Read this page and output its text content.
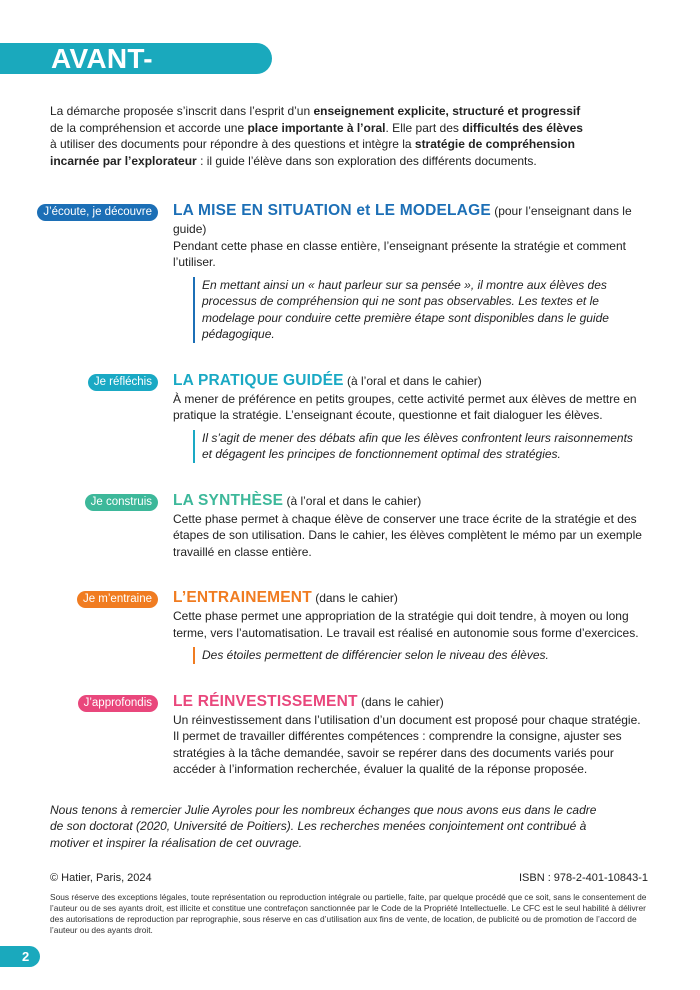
AVANT-PROPOS

La démarche proposée s’inscrit dans l’esprit d’un enseignement explicite, structuré et progressif de la compréhension et accorde une place importante à l’oral. Elle part des difficultés des élèves à utiliser des documents pour répondre à des questions et intègre la stratégie de compréhension incarnée par l’explorateur : il guide l’élève dans son exploration des différents documents.

J’écoute, je découvre	LA MISE EN SITUATION et LE MODELAGE (pour l’enseignant dans le guide)
Pendant cette phase en classe entière, l’enseignant présente la stratégie et comment l’utiliser.
En mettant ainsi un « haut parleur sur sa pensée », il montre aux élèves des processus de compréhension qui ne sont pas observables. Les textes et le modelage pour conduire cette première étape sont disponibles dans le guide pédagogique.
Je réfléchis	LA PRATIQUE GUIDÉE (à l’oral et dans le cahier)
À mener de préférence en petits groupes, cette activité permet aux élèves de mettre en pratique la stratégie. L’enseignant écoute, questionne et fait dialoguer les élèves.
Il s’agit de mener des débats afin que les élèves confrontent leurs raisonnements et dégagent les principes de fonctionnement optimal des stratégies.
Je construis	LA SYNTHÈSE (à l’oral et dans le cahier)
Cette phase permet à chaque élève de conserver une trace écrite de la stratégie et des étapes de son utilisation. Dans le cahier, les élèves complètent le mémo par un exemple travaillé en classe entière.
Je m’entraine	L’ENTRAINEMENT (dans le cahier)
Cette phase permet une appropriation de la stratégie qui doit tendre, à moyen ou long terme, vers l’automatisation. Le travail est réalisé en autonomie sous forme d’exercices.
Des étoiles permettent de différencier selon le niveau des élèves.
J’approfondis	LE RÉINVESTISSEMENT (dans le cahier)
Un réinvestissement dans l’utilisation d’un document est proposé pour chaque stratégie. Il permet de travailler différentes compétences : comprendre la consigne, ajuster ses stratégies à la tâche demandée, savoir se repérer dans des documents variés pour accéder à l’information recherchée, évaluer la qualité de la réponse proposée.

Nous tenons à remercier Julie Ayroles pour les nombreux échanges que nous avons eus dans le cadre de son doctorat (2020, Université de Poitiers). Les recherches menées conjointement ont contribué à motiver et inspirer la réalisation de cet ouvrage.

© Hatier, Paris, 2024	ISBN : 978-2-401-10843-1

Sous réserve des exceptions légales, toute représentation ou reproduction intégrale ou partielle, faite, par quelque procédé que ce soit, sans le consentement de l’auteur ou de ses ayants droit, est illicite et constitue une contrefaçon sanctionnée par le Code de la Propriété Intellectuelle. Le CFC est le seul habilité à délivrer des autorisations de reproduction par reprographie, sous réserve en cas d’utilisation aux fins de vente, de location, de publicité ou de promotion de l’accord de l’auteur ou des ayants droit.

2
